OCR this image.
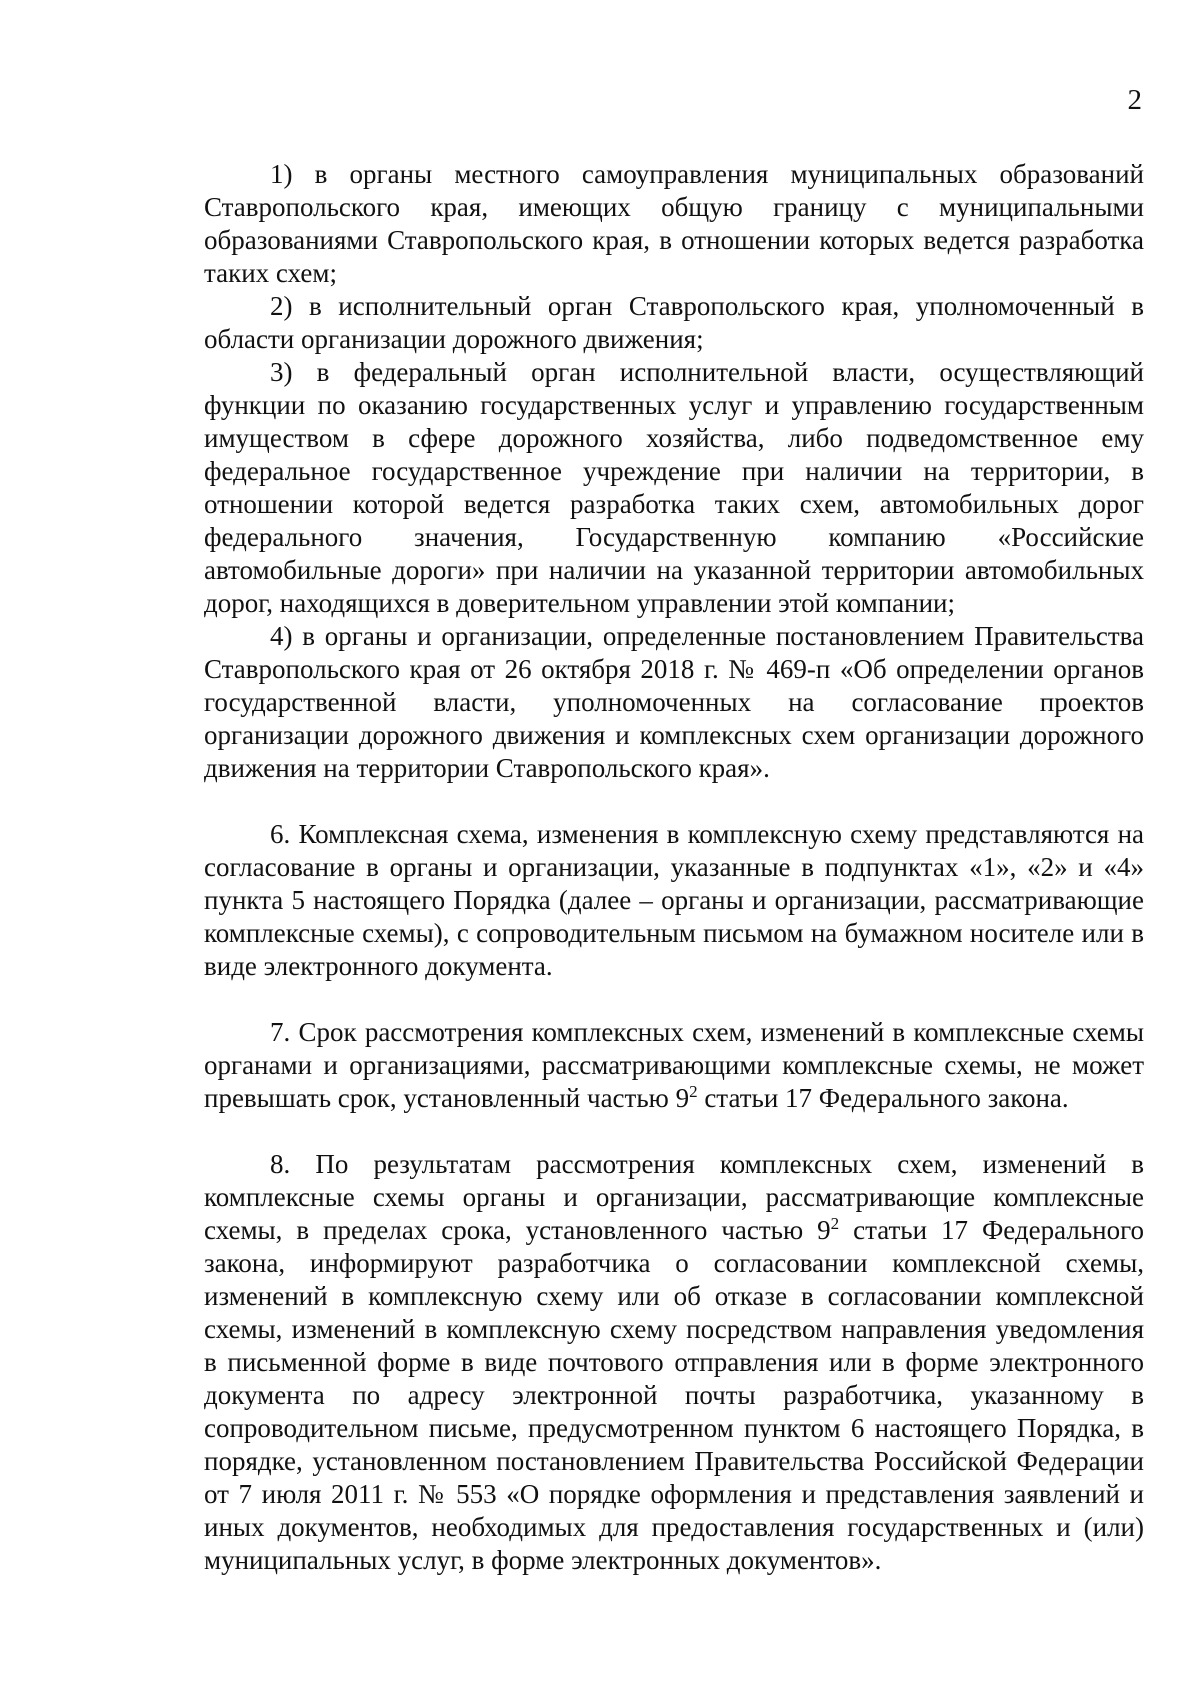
2

1) в органы местного самоуправления муниципальных образований Ставропольского края, имеющих общую границу с муниципальными образованиями Ставропольского края, в отношении которых ведется разработка таких схем;

2) в исполнительный орган Ставропольского края, уполномоченный в области организации дорожного движения;

3) в федеральный орган исполнительной власти, осуществляющий функции по оказанию государственных услуг и управлению государственным имуществом в сфере дорожного хозяйства, либо подведомственное ему федеральное государственное учреждение при наличии на территории, в отношении которой ведется разработка таких схем, автомобильных дорог федерального значения, Государственную компанию «Российские автомобильные дороги» при наличии на указанной территории автомобильных дорог, находящихся в доверительном управлении этой компании;

4) в органы и организации, определенные постановлением Правительства Ставропольского края от 26 октября 2018 г. № 469-п «Об определении органов государственной власти, уполномоченных на согласование проектов организации дорожного движения и комплексных схем организации дорожного движения на территории Ставропольского края».

6. Комплексная схема, изменения в комплексную схему представляются на согласование в органы и организации, указанные в подпунктах «1», «2» и «4» пункта 5 настоящего Порядка (далее – органы и организации, рассматривающие комплексные схемы), с сопроводительным письмом на бумажном носителе или в виде электронного документа.

7. Срок рассмотрения комплексных схем, изменений в комплексные схемы органами и организациями, рассматривающими комплексные схемы, не может превышать срок, установленный частью $9^2$ статьи 17 Федерального закона.

8. По результатам рассмотрения комплексных схем, изменений в комплексные схемы органы и организации, рассматривающие комплексные схемы, в пределах срока, установленного частью $9^2$ статьи 17 Федерального закона, информируют разработчика о согласовании комплексной схемы, изменений в комплексную схему или об отказе в согласовании комплексной схемы, изменений в комплексную схему посредством направления уведомления в письменной форме в виде почтового отправления или в форме электронного документа по адресу электронной почты разработчика, указанному в сопроводительном письме, предусмотренном пунктом 6 настоящего Порядка, в порядке, установленном постановлением Правительства Российской Федерации от 7 июля 2011 г. № 553 «О порядке оформления и представления заявлений и иных документов, необходимых для предоставления государственных и (или) муниципальных услуг, в форме электронных документов».
